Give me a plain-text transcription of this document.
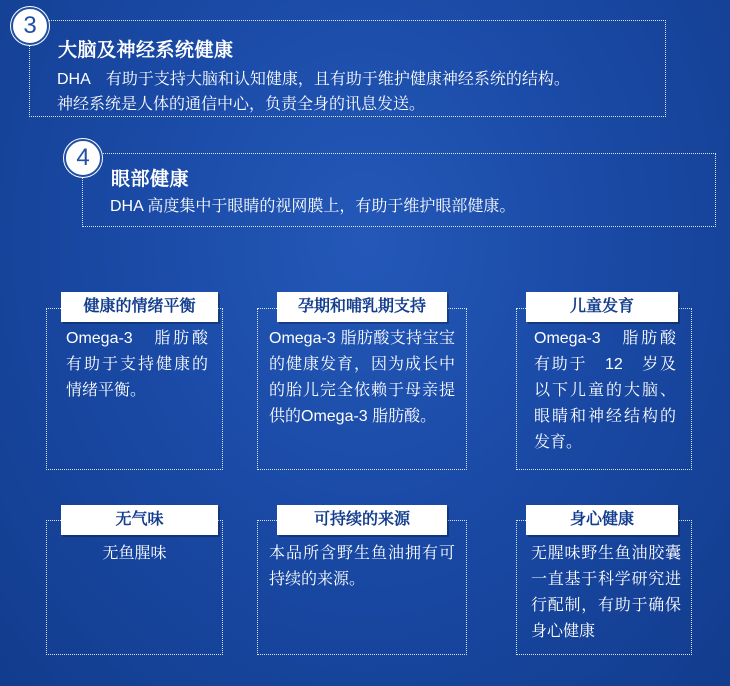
3
大脑及神经系统健康
DHA　有助于支持大脑和认知健康，且有助于维护健康神经系统的结构。
神经系统是人体的通信中心，负责全身的讯息发送。
4
眼部健康
DHA 高度集中于眼睛的视网膜上，有助于维护眼部健康。
健康的情绪平衡
Omega-3　脂肪酸有助于支持健康的情绪平衡。
孕期和哺乳期支持
Omega-3 脂肪酸支持宝宝的健康发育，因为成长中的胎儿完全依赖于母亲提供的Omega-3 脂肪酸。
儿童发育
Omega-3　脂肪酸有助于　12　岁及以下儿童的大脑、眼睛和神经结构的发育。
无气味
无鱼腥味
可持续的来源
本品所含野生鱼油拥有可持续的来源。
身心健康
无腥味野生鱼油胶囊一直基于科学研究进行配制，有助于确保身心健康
